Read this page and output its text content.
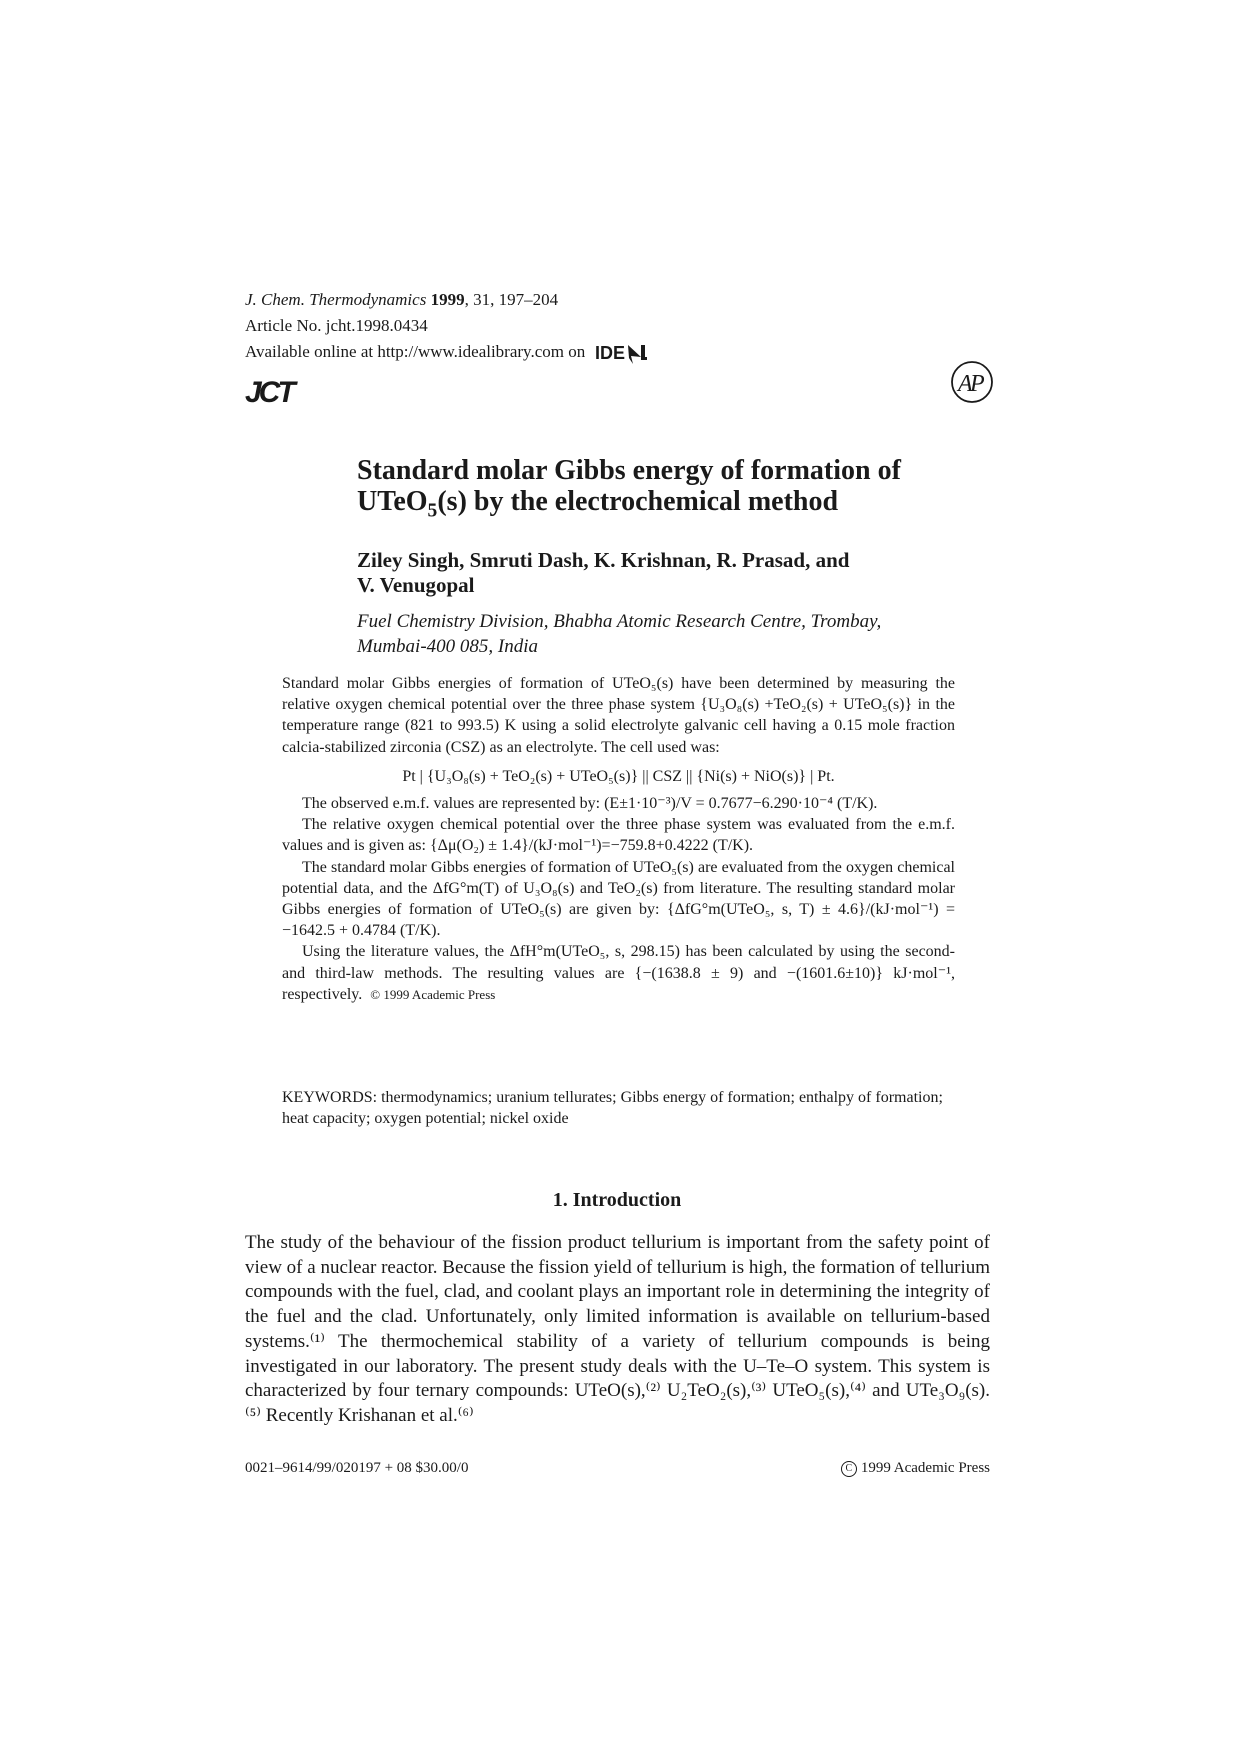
J. Chem. Thermodynamics 1999, 31, 197–204
Article No. jcht.1998.0434
Available online at http://www.idealibrary.com on IDE
JCT	A
P
Standard molar Gibbs energy of formation of
UTeO$_5$(s) by the electrochemical method
Ziley Singh, Smruti Dash, K. Krishnan, R. Prasad, and
V. Venugopal
Fuel Chemistry Division, Bhabha Atomic Research Centre, Trombay,
Mumbai-400 085, India

Standard molar Gibbs energies of formation of UTeO₅(s) have been determined by measuring the relative oxygen chemical potential over the three phase system {U₃O₈(s) +TeO₂(s) + UTeO₅(s)} in the temperature range (821 to 993.5) K using a solid electrolyte galvanic cell having a 0.15 mole fraction calcia-stabilized zirconia (CSZ) as an electrolyte. The cell used was:

Pt | {U₃O₈(s) + TeO₂(s) + UTeO₅(s)} || CSZ || {Ni(s) + NiO(s)} | Pt.

The observed e.m.f. values are represented by: (E±1·10⁻³)/V = 0.7677−6.290·10⁻⁴ (T/K).

The relative oxygen chemical potential over the three phase system was evaluated from the e.m.f. values and is given as: {Δμ(O₂) ± 1.4}/(kJ·mol⁻¹)=−759.8+0.4222 (T/K).

The standard molar Gibbs energies of formation of UTeO₅(s) are evaluated from the oxygen chemical potential data, and the ΔfG°m(T) of U₃O₈(s) and TeO₂(s) from literature. The resulting standard molar Gibbs energies of formation of UTeO₅(s) are given by: {ΔfG°m(UTeO₅, s, T) ± 4.6}/(kJ·mol⁻¹) = −1642.5 + 0.4784 (T/K).

Using the literature values, the ΔfH°m(UTeO₅, s, 298.15) has been calculated by using the second- and third-law methods. The resulting values are {−(1638.8 ± 9) and −(1601.6±10)} kJ·mol⁻¹, respectively. © 1999 Academic Press

KEYWORDS: thermodynamics; uranium tellurates; Gibbs energy of formation; enthalpy of formation; heat capacity; oxygen potential; nickel oxide
1. Introduction

The study of the behaviour of the fission product tellurium is important from the safety point of view of a nuclear reactor. Because the fission yield of tellurium is high, the formation of tellurium compounds with the fuel, clad, and coolant plays an important role in determining the integrity of the fuel and the clad. Unfortunately, only limited information is available on tellurium-based systems.⁽¹⁾ The thermochemical stability of a variety of tellurium compounds is being investigated in our laboratory. The present study deals with the U–Te–O system. This system is characterized by four ternary compounds: UTeO(s),⁽²⁾ U₂TeO₂(s),⁽³⁾ UTeO₅(s),⁽⁴⁾ and UTe₃O₉(s).⁽⁵⁾ Recently Krishanan et al.⁽⁶⁾

0021–9614/99/020197 + 08 $30.00/0	C 1999 Academic Press
